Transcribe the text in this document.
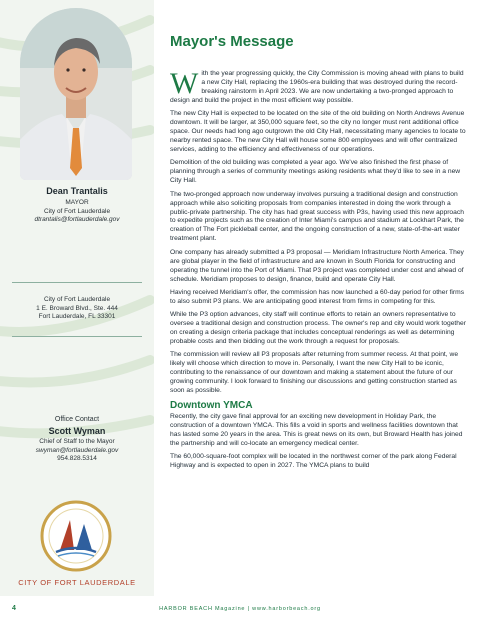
Dean Trantalis
MAYOR
City of Fort Lauderdale
dtrantalis@fortlauderdale.gov
City of Fort Lauderdale
1 E. Broward Blvd., Ste. 444
Fort Lauderdale, FL 33301
Office Contact
Scott Wyman
Chief of Staff to the Mayor
swyman@fortlauderdale.gov
954.828.5314
CITY OF FORT LAUDERDALE
Mayor's Message

With the year progressing quickly, the City Commission is moving ahead with plans to build a new City Hall, replacing the 1960s-era building that was destroyed during the record-breaking rainstorm in April 2023. We are now undertaking a two-pronged approach to design and build the project in the most efficient way possible.

The new City Hall is expected to be located on the site of the old building on North Andrews Avenue downtown. It will be larger, at 350,000 square feet, so the city no longer must rent additional office space. Our needs had long ago outgrown the old City Hall, necessitating many agencies to locate to nearby rented space. The new City Hall will house some 800 employees and will offer centralized services, adding to the efficiency and effectiveness of our operations.

Demolition of the old building was completed a year ago. We've also finished the first phase of planning through a series of community meetings asking residents what they'd like to see in a new City Hall.

The two-pronged approach now underway involves pursuing a traditional design and construction approach while also soliciting proposals from companies interested in doing the work through a public-private partnership. The city has had great success with P3s, having used this new approach to expedite projects such as the creation of Inter Miami's campus and stadium at Lockhart Park, the creation of The Fort pickleball center, and the ongoing construction of a new, state-of-the-art water treatment plant.

One company has already submitted a P3 proposal — Meridiam Infrastructure North America. They are global player in the field of infrastructure and are known in South Florida for constructing and operating the tunnel into the Port of Miami. That P3 project was completed under cost and ahead of schedule. Meridiam proposes to design, finance, build and operate City Hall.

Having received Meridiam's offer, the commission has now launched a 60-day period for other firms to also submit P3 plans. We are anticipating good interest from firms in competing for this.

While the P3 option advances, city staff will continue efforts to retain an owners representative to oversee a traditional design and construction process. The owner's rep and city would work together on creating a design criteria package that includes conceptual renderings as well as determining probable costs and then bidding out the work through a request for proposals.

The commission will review all P3 proposals after returning from summer recess. At that point, we likely will choose which direction to move in. Personally, I want the new City Hall to be iconic, contributing to the renaissance of our downtown and making a statement about the future of our growing community. I look forward to finishing our discussions and getting construction started as soon as possible.

Downtown YMCA

Recently, the city gave final approval for an exciting new development in Holiday Park, the construction of a downtown YMCA. This fills a void in sports and wellness facilities downtown that has lasted some 20 years in the area. This is great news on its own, but Broward Health has joined the partnership and will co-locate an emergency medical center.

The 60,000-square-foot complex will be located in the northwest corner of the park along Federal Highway and is expected to open in 2027. The YMCA plans to build

4	HARBOR BEACH Magazine | www.harborbeach.org
